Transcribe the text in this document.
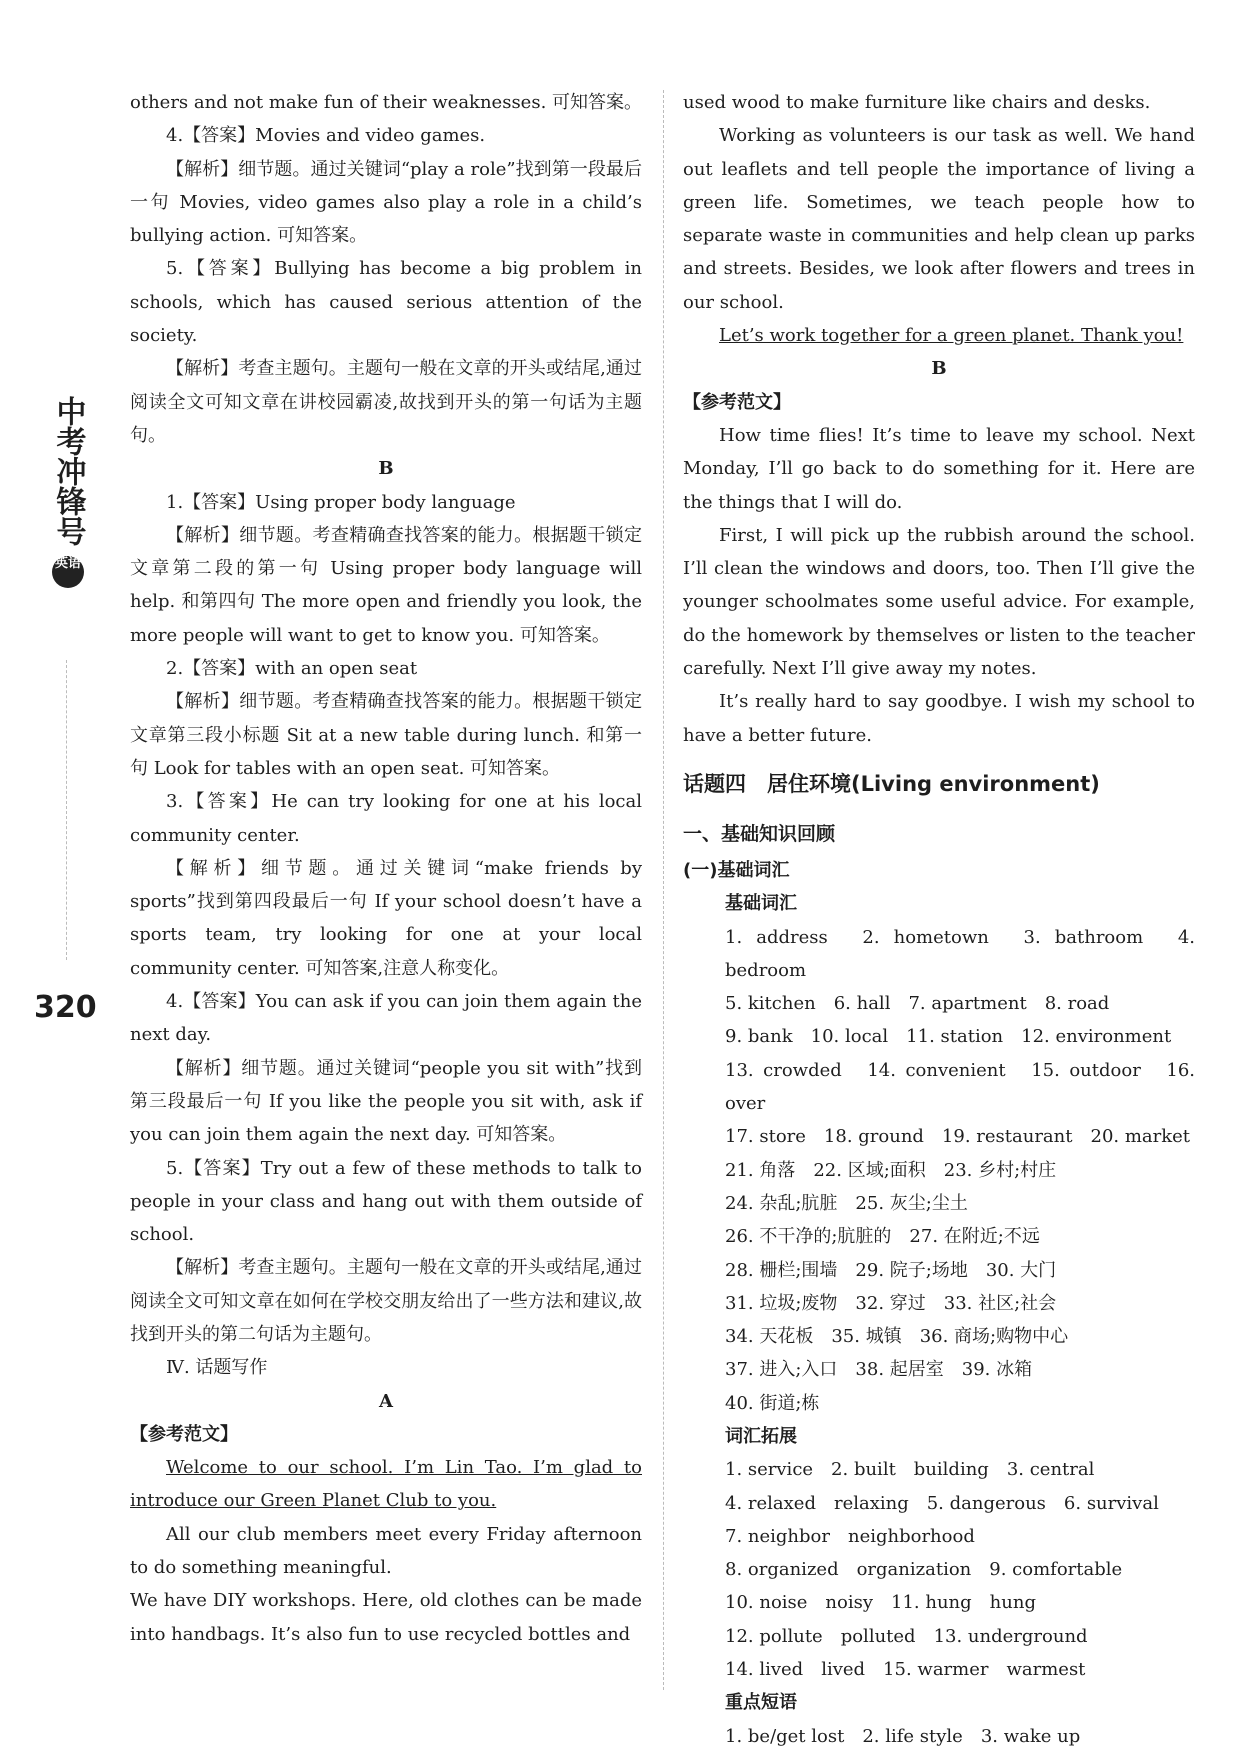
中考冲锋号
英语
320

others and not make fun of their weaknesses. 可知答案。

4.【答案】Movies and video games.

【解析】细节题。通过关键词“play a role”找到第一段最后一句 Movies, video games also play a role in a child’s bullying action. 可知答案。

5.【答案】Bullying has become a big problem in schools, which has caused serious attention of the society.

【解析】考查主题句。主题句一般在文章的开头或结尾,通过阅读全文可知文章在讲校园霸凌,故找到开头的第一句话为主题句。

B

1.【答案】Using proper body language

【解析】细节题。考查精确查找答案的能力。根据题干锁定文章第二段的第一句 Using proper body language will help. 和第四句 The more open and friendly you look, the more people will want to get to know you. 可知答案。

2.【答案】with an open seat

【解析】细节题。考查精确查找答案的能力。根据题干锁定文章第三段小标题 Sit at a new table during lunch. 和第一句 Look for tables with an open seat. 可知答案。

3.【答案】He can try looking for one at his local community center.

【解析】细节题。通过关键词“make friends by sports”找到第四段最后一句 If your school doesn’t have a sports team, try looking for one at your local community center. 可知答案,注意人称变化。

4.【答案】You can ask if you can join them again the next day.

【解析】细节题。通过关键词“people you sit with”找到第三段最后一句 If you like the people you sit with, ask if you can join them again the next day. 可知答案。

5.【答案】Try out a few of these methods to talk to people in your class and hang out with them outside of school.

【解析】考查主题句。主题句一般在文章的开头或结尾,通过阅读全文可知文章在如何在学校交朋友给出了一些方法和建议,故找到开头的第二句话为主题句。

Ⅳ. 话题写作

A

【参考范文】

Welcome to our school. I’m Lin Tao. I’m glad to introduce our Green Planet Club to you.

All our club members meet every Friday afternoon to do something meaningful.

We have DIY workshops. Here, old clothes can be made into handbags. It’s also fun to use recycled bottles and

used wood to make furniture like chairs and desks.

Working as volunteers is our task as well. We hand out leaflets and tell people the importance of living a green life. Sometimes, we teach people how to separate waste in communities and help clean up parks and streets. Besides, we look after flowers and trees in our school.

Let’s work together for a green planet. Thank you!

B

【参考范文】

How time flies! It’s time to leave my school. Next Monday, I’ll go back to do something for it. Here are the things that I will do.

First, I will pick up the rubbish around the school. I’ll clean the windows and doors, too. Then I’ll give the younger schoolmates some useful advice. For example, do the homework by themselves or listen to the teacher carefully. Next I’ll give away my notes.

It’s really hard to say goodbye. I wish my school to have a better future.

话题四　居住环境(Living environment)

一、基础知识回顾

(一)基础词汇

基础词汇

1. address　2. hometown　3. bathroom　4. bedroom

5. kitchen　6. hall　7. apartment　8. road

9. bank　10. local　11. station　12. environment

13. crowded　14. convenient　15. outdoor　16. over

17. store　18. ground　19. restaurant　20. market

21. 角落　22. 区域;面积　23. 乡村;村庄

24. 杂乱;肮脏　25. 灰尘;尘土

26. 不干净的;肮脏的　27. 在附近;不远

28. 栅栏;围墙　29. 院子;场地　30. 大门

31. 垃圾;废物　32. 穿过　33. 社区;社会

34. 天花板　35. 城镇　36. 商场;购物中心

37. 进入;入口　38. 起居室　39. 冰箱

40. 街道;栋

词汇拓展

1. service　2. built　building　3. central

4. relaxed　relaxing　5. dangerous　6. survival

7. neighbor　neighborhood

8. organized　organization　9. comfortable

10. noise　noisy　11. hung　hung

12. pollute　polluted　13. underground

14. lived　lived　15. warmer　warmest

重点短语

1. be/get lost　2. life style　3. wake up
